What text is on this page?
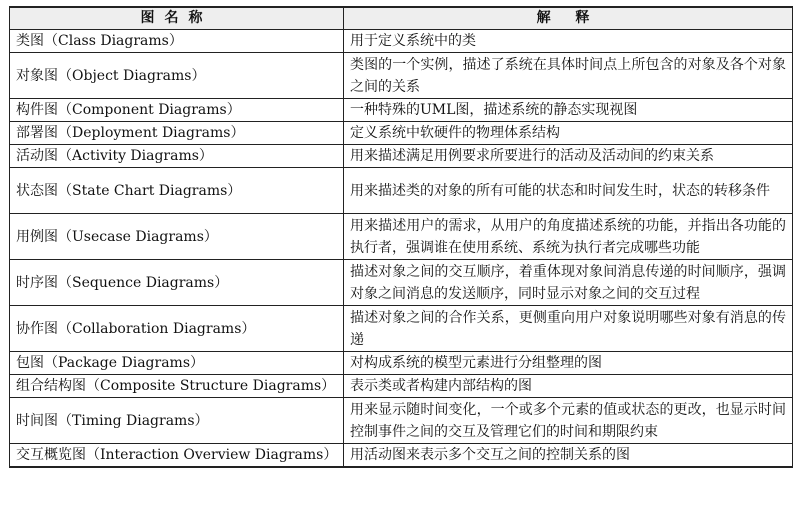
图名称	解 释
类图（Class Diagrams）	用于定义系统中的类
对象图（Object Diagrams）	类图的一个实例，描述了系统在具体时间点上所包含的对象及各个对象之间的关系
构件图（Component Diagrams）	一种特殊的UML图，描述系统的静态实现视图
部署图（Deployment Diagrams）	定义系统中软硬件的物理体系结构
活动图（Activity Diagrams）	用来描述满足用例要求所要进行的活动及活动间的约束关系
状态图（State Chart Diagrams）	用来描述类的对象的所有可能的状态和时间发生时，状态的转移条件
用例图（Usecase Diagrams）	用来描述用户的需求，从用户的角度描述系统的功能，并指出各功能的执行者，强调谁在使用系统、系统为执行者完成哪些功能
时序图（Sequence Diagrams）	描述对象之间的交互顺序，着重体现对象间消息传递的时间顺序，强调对象之间消息的发送顺序，同时显示对象之间的交互过程
协作图（Collaboration Diagrams）	描述对象之间的合作关系，更侧重向用户对象说明哪些对象有消息的传递
包图（Package Diagrams）	对构成系统的模型元素进行分组整理的图
组合结构图（Composite Structure Diagrams）	表示类或者构建内部结构的图
时间图（Timing Diagrams）	用来显示随时间变化，一个或多个元素的值或状态的更改，也显示时间控制事件之间的交互及管理它们的时间和期限约束
交互概览图（Interaction Overview Diagrams）	用活动图来表示多个交互之间的控制关系的图
